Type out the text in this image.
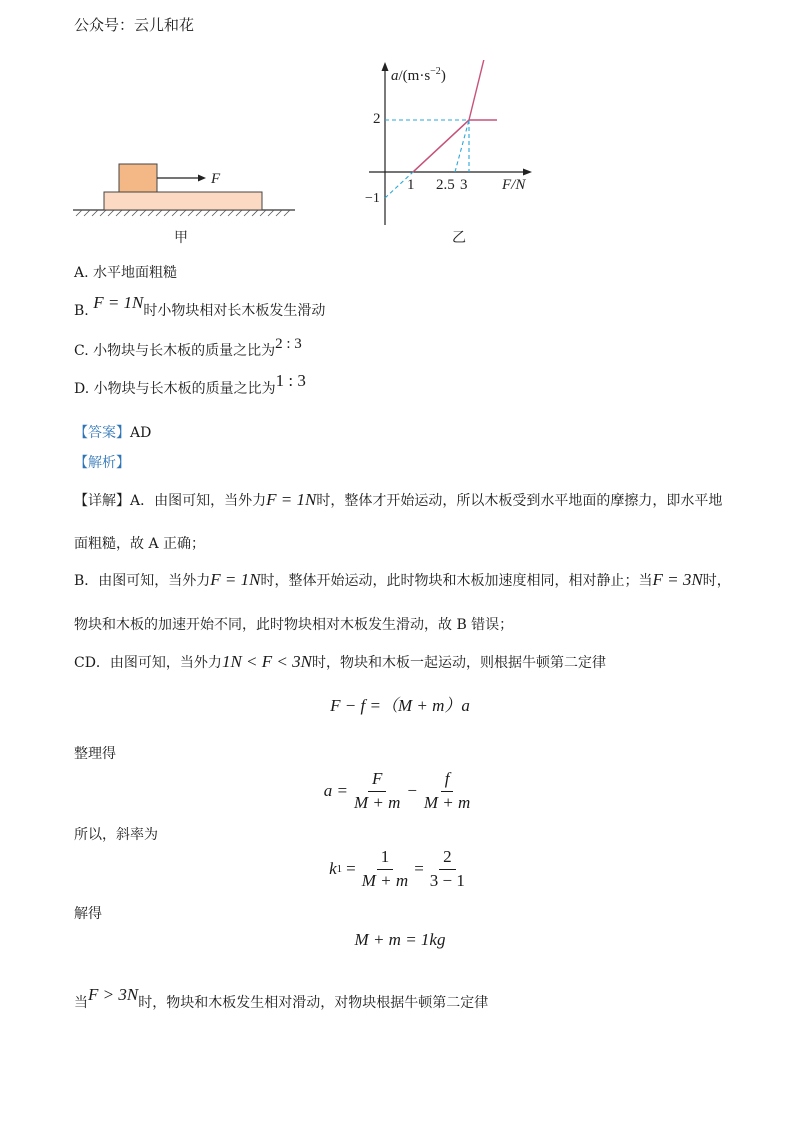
公众号：云儿和花
F
甲
$a/(m\cdot s^{-2})$
2
−1
1 2.5 3 F/N
乙
A. 水平地面粗糙
B. F = 1N时小物块相对长木板发生滑动
C. 小物块与长木板的质量之比为2 : 3
D. 小物块与长木板的质量之比为1 : 3
【答案】AD
【解析】
【详解】A．由图可知，当外力F = 1N时，整体才开始运动，所以木板受到水平地面的摩擦力，即水平地
面粗糙，故 A 正确；
B．由图可知，当外力F = 1N时，整体开始运动，此时物块和木板加速度相同，相对静止；当F = 3N时，
物块和木板的加速开始不同，此时物块相对木板发生滑动，故 B 错误；
CD．由图可知，当外力1N < F < 3N时，物块和木板一起运动，则根据牛顿第二定律
F − f =（M + m）a
整理得
$a = \frac{F}{M + m} - \frac{f}{M + m}$
所以，斜率为
k $1 = \frac{1}{M + m} = \frac{2}{3 - 1}$
解得
M + m = 1kg
当F > 3N时，物块和木板发生相对滑动，对物块根据牛顿第二定律
